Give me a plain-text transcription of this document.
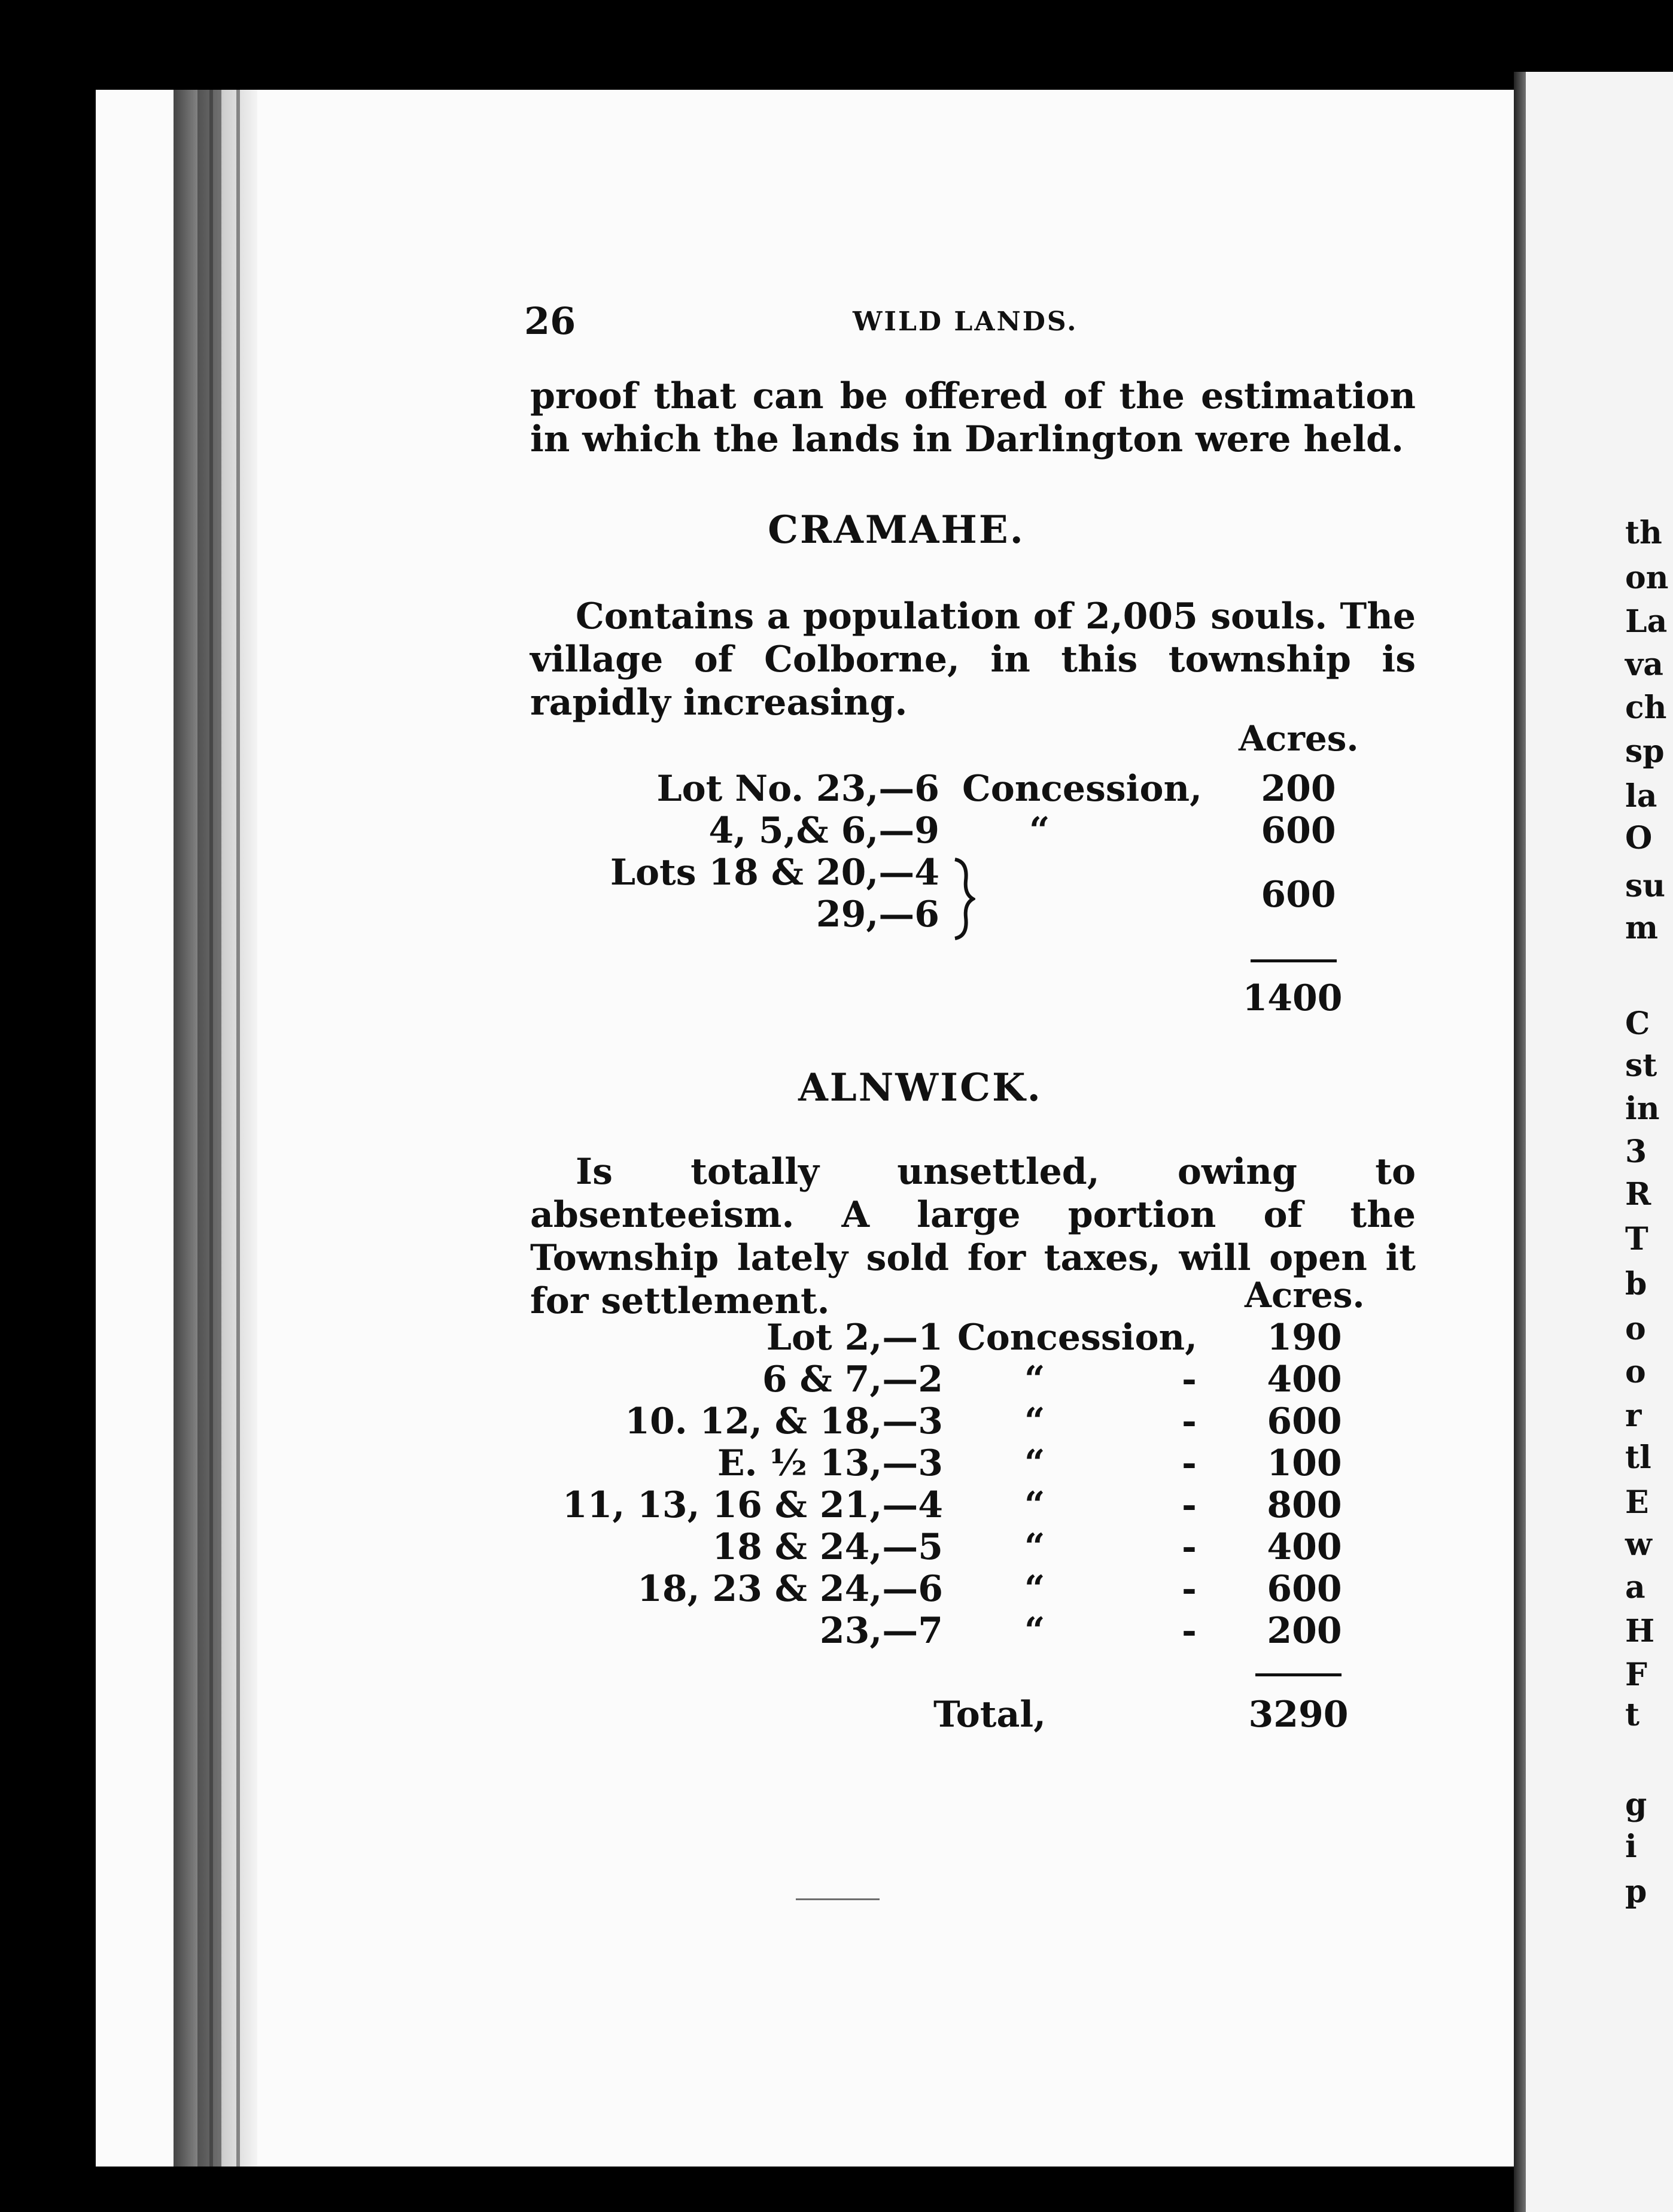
th
on
La
va
ch
sp
la
O
su
m
C
st
in
3
R
T
b
o
o
r
tl
E
w
a
H
F
t
g
i
p
26	WILD LANDS.

proof that can be offered of the estimation in which the lands in Darlington were held.

CRAMAHE.

Contains a population of 2,005 souls. The village of Colborne, in this township is rapidly increasing.

Acres.
Lot No. 23,—6 Concession,	200
4, 5,& 6,—9	“	600
Lots 18 & 20,—4
29,—6	600
1400
ALNWICK.

Is totally unsettled, owing to absenteeism. A large portion of the Township lately sold for taxes, will open it for settlement.	Acres.
Lot 2,—1 Concession,	190
6 & 7,—2 “	-	400
10. 12, & 18,—3 “	-	600
E. ½ 13,—3 “	-	100
11, 13, 16 & 21,—4 “	-	800
18 & 24,—5 “	-	400
18, 23 & 24,—6 “	-	600
23,—7 “	-	200
Total,	3290
